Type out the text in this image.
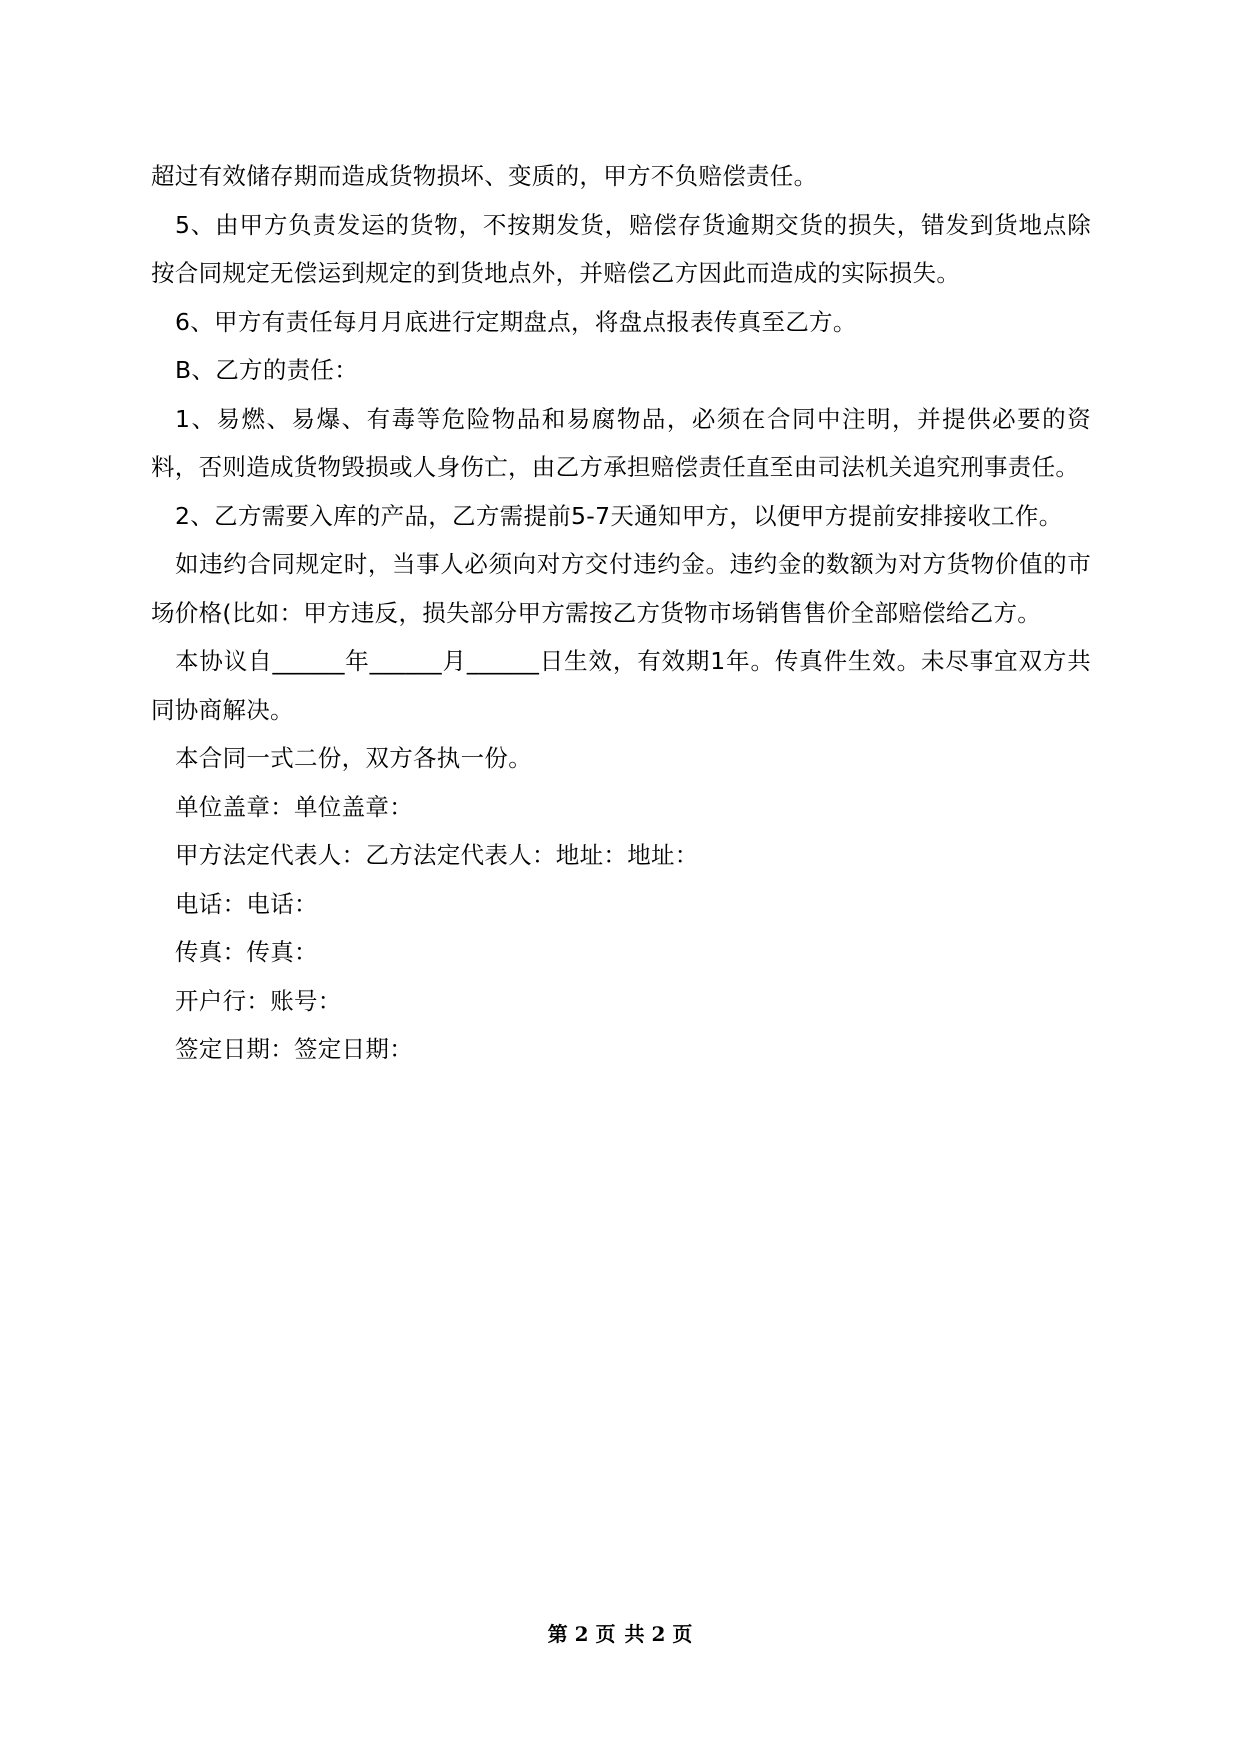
超过有效储存期而造成货物损坏、变质的，甲方不负赔偿责任。

5、由甲方负责发运的货物，不按期发货，赔偿存货逾期交货的损失，错发到货地点除按合同规定无偿运到规定的到货地点外，并赔偿乙方因此而造成的实际损失。

6、甲方有责任每月月底进行定期盘点，将盘点报表传真至乙方。

B、乙方的责任：

1、易燃、易爆、有毒等危险物品和易腐物品，必须在合同中注明，并提供必要的资料，否则造成货物毁损或人身伤亡，由乙方承担赔偿责任直至由司法机关追究刑事责任。

2、乙方需要入库的产品，乙方需提前5-7天通知甲方，以便甲方提前安排接收工作。

如违约合同规定时，当事人必须向对方交付违约金。违约金的数额为对方货物价值的市场价格(比如：甲方违反，损失部分甲方需按乙方货物市场销售售价全部赔偿给乙方。

本协议自______年______月______日生效，有效期1年。传真件生效。未尽事宜双方共同协商解决。

本合同一式二份，双方各执一份。

单位盖章：单位盖章：

甲方法定代表人：乙方法定代表人：地址：地址：

电话：电话：

传真：传真：

开户行：账号：

签定日期：签定日期：

第 2 页 共 2 页
